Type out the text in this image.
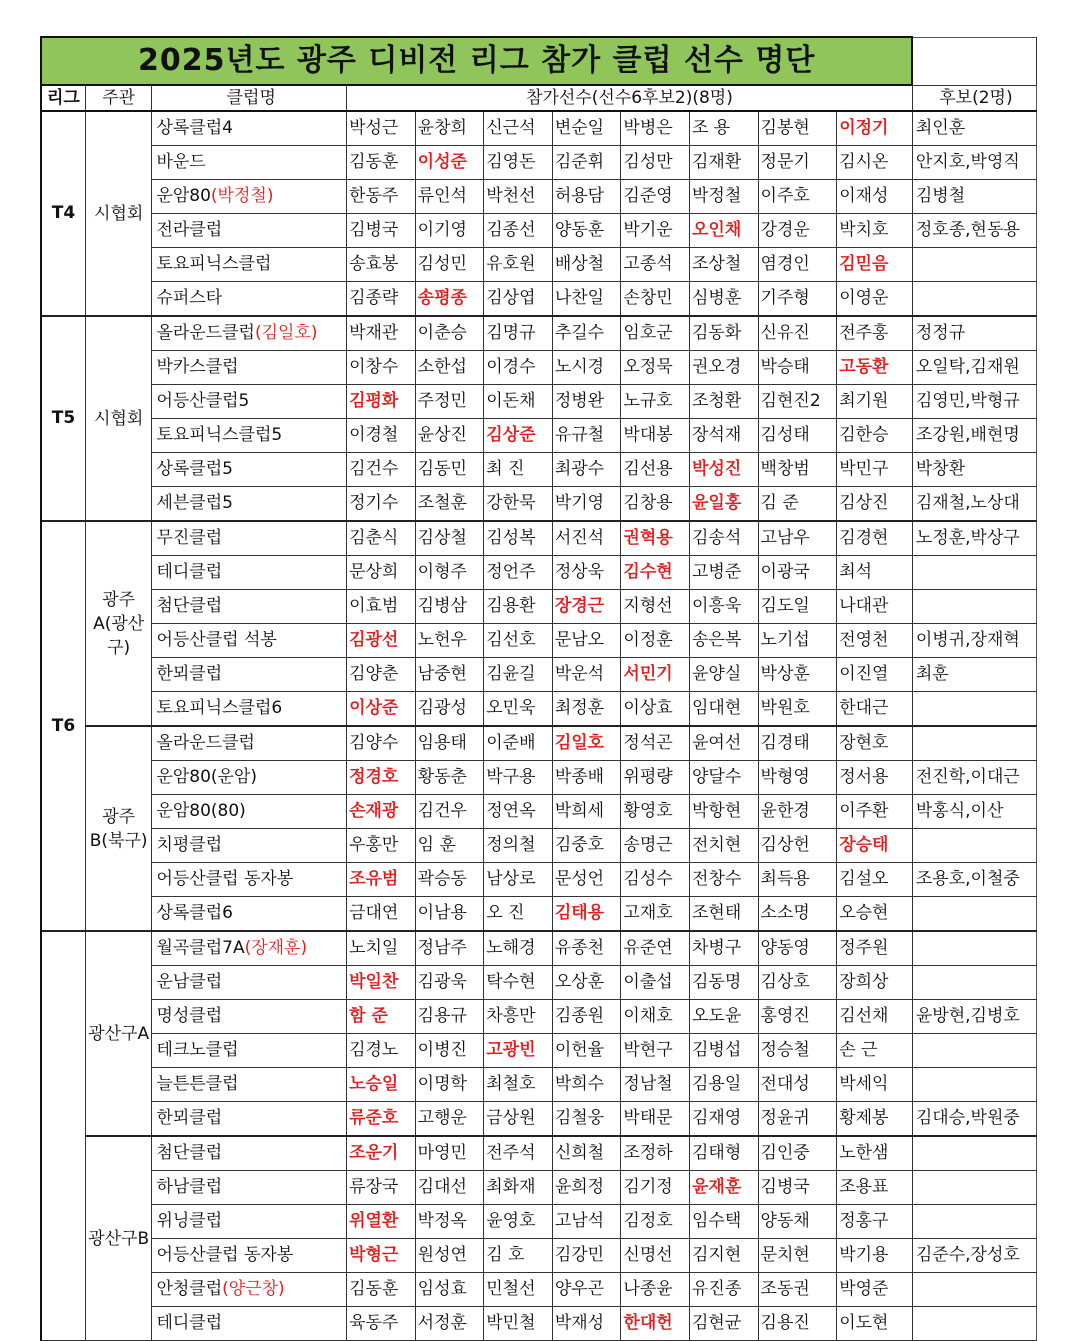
2025년도 광주 디비전 리그 참가 클럽 선수 명단											
리그	주관	클럽명	참가선수(선수6후보2)(8명)								후보(2명)
T4	시협회	상록클럽4	박성근	윤창희	신근석	변순일	박병은	조 용	김봉현	이정기	최인훈
		바운드	김동훈	이성준	김영돈	김준휘	김성만	김재환	정문기	김시온	안지호,박영직
		운암80(박정철)	한동주	류인석	박천선	허용담	김준영	박정철	이주호	이재성	김병철
		전라클럽	김병국	이기영	김종선	양동훈	박기운	오인채	강경운	박치호	정호종,현동용
		토요피닉스클럽	송효봉	김성민	유호원	배상철	고종석	조상철	염경인	김믿음	
		슈퍼스타	김종략	송평종	김상엽	나찬일	손창민	심병훈	기주형	이영운	
T5	시협회	올라운드클럽(김일호)	박재관	이춘승	김명규	추길수	임호군	김동화	신유진	전주홍	정정규
		박카스클럽	이창수	소한섭	이경수	노시경	오정묵	권오경	박승태	고동환	오일탁,김재원
		어등산클럽5	김평화	주정민	이돈채	정병완	노규호	조청환	김현진2	최기원	김영민,박형규
		토요피닉스클럽5	이경철	윤상진	김상준	유규철	박대봉	장석재	김성태	김한승	조강원,배현명
		상록클럽5	김건수	김동민	최 진	최광수	김선용	박성진	백창범	박민구	박창환
		세븐클럽5	정기수	조철훈	강한묵	박기영	김창용	윤일홍	김 준	김상진	김재철,노상대
T6	광주A(광산구)	무진클럽	김춘식	김상철	김성복	서진석	권혁용	김송석	고남우	김경현	노정훈,박상구
		테디클럽	문상희	이형주	정언주	정상욱	김수현	고병준	이광국	최석	
		첨단클럽	이효범	김병삼	김용환	장경근	지형선	이흥욱	김도일	나대관	
		어등산클럽 석봉	김광선	노헌우	김선호	문남오	이정훈	송은복	노기섭	전영천	이병귀,장재혁
		한뫼클럽	김양춘	남중현	김윤길	박운석	서민기	윤양실	박상훈	이진열	최훈
		토요피닉스클럽6	이상준	김광성	오민욱	최정훈	이상효	임대현	박원호	한대근	
	광주B(북구)	올라운드클럽	김양수	임용태	이준배	김일호	정석곤	윤여선	김경태	장현호	
		운암80(운암)	정경호	황동춘	박구용	박종배	위평량	양달수	박형영	정서용	전진학,이대근
		운암80(80)	손재광	김건우	정연옥	박희세	황영호	박항현	윤한경	이주환	박홍식,이산
		치평클럽	우홍만	임 훈	정의철	김중호	송명근	전치현	김상헌	장승태	
		어등산클럽 동자봉	조유범	곽승동	남상로	문성언	김성수	전창수	최득용	김설오	조용호,이철중
		상록클럽6	금대연	이남용	오 진	김태용	고재호	조현태	소소명	오승현	
	광산구A	월곡클럽7A(장재훈)	노치일	정남주	노해경	유종천	유준연	차병구	양동영	정주원	
		운남클럽	박일찬	김광욱	탁수현	오상훈	이출섭	김동명	김상호	장희상	
		명성클럽	함 준	김용규	차흥만	김종원	이채호	오도윤	홍영진	김선채	윤방현,김병호
		테크노클럽	김경노	이병진	고광빈	이헌율	박현구	김병섭	정승철	손 근	
		늘튼튼클럽	노승일	이명학	최철호	박희수	정남철	김용일	전대성	박세익	
		한뫼클럽	류준호	고행운	금상원	김철웅	박태문	김재영	정윤귀	황제봉	김대승,박원중
	광산구B	첨단클럽	조운기	마영민	전주석	신희철	조정하	김태형	김인중	노한샘	
		하남클럽	류장국	김대선	최화재	윤희정	김기정	윤재훈	김병국	조용표	
		위닝클럽	위열환	박정옥	윤영호	고남석	김정호	임수택	양동채	정홍구	
		어등산클럽 동자봉	박형근	원성연	김 호	김강민	신명선	김지현	문치현	박기용	김준수,장성호
		안청클럽(양근창)	김동훈	임성효	민철선	양우곤	나종윤	유진종	조동권	박영준	
		테디클럽	육동주	서정훈	박민철	박재성	한대헌	김현균	김용진	이도현	
